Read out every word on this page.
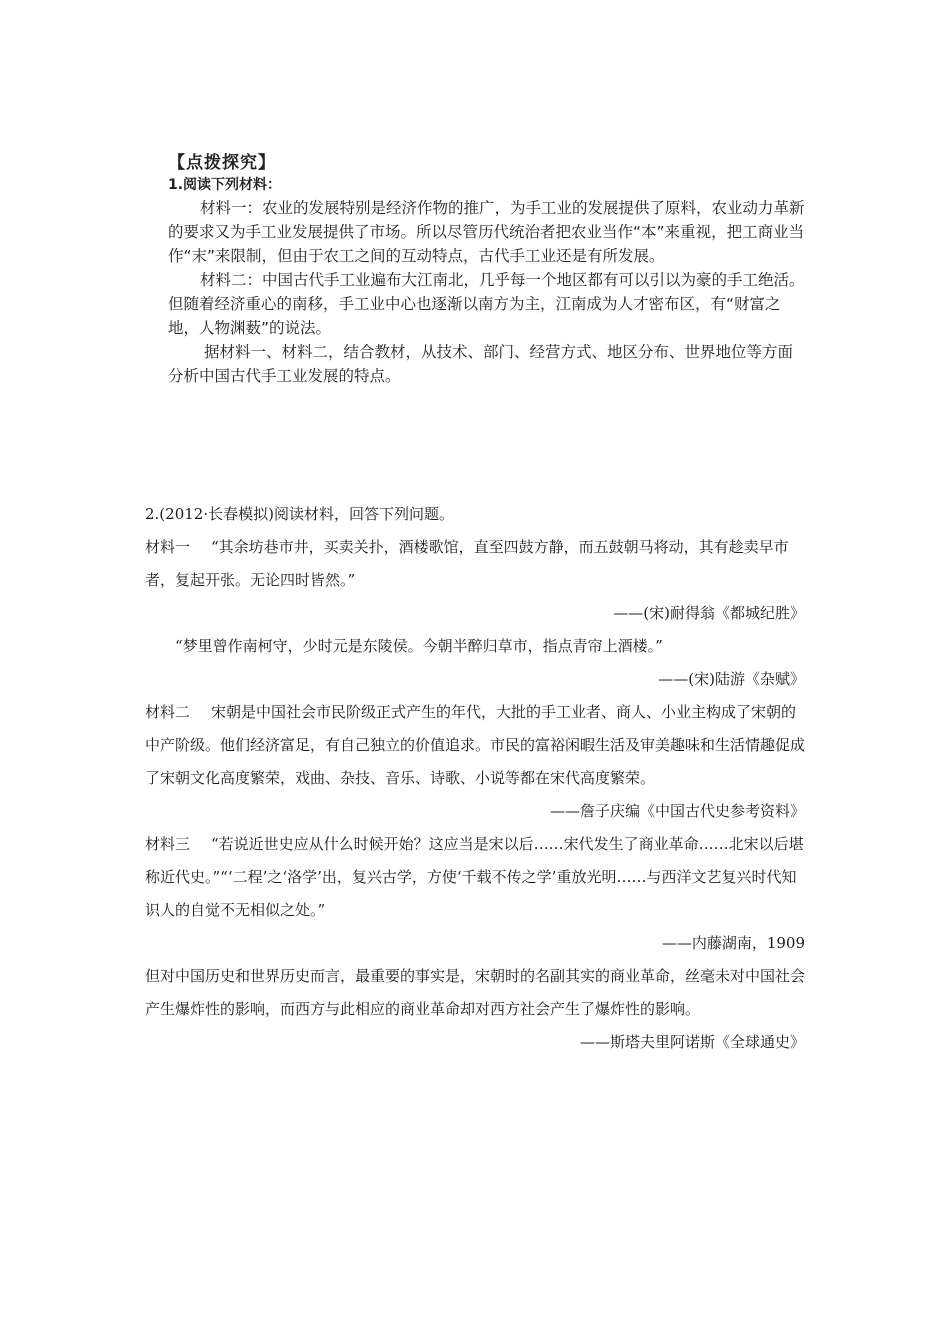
【点拨探究】
1.阅读下列材料：

材料一：农业的发展特别是经济作物的推广，为手工业的发展提供了原料，农业动力革新的要求又为手工业发展提供了市场。所以尽管历代统治者把农业当作“本”来重视，把工商业当作“末”来限制，但由于农工之间的互动特点，古代手工业还是有所发展。

材料二：中国古代手工业遍布大江南北，几乎每一个地区都有可以引以为豪的手工绝活。但随着经济重心的南移，手工业中心也逐渐以南方为主，江南成为人才密布区，有“财富之地，人物渊薮”的说法。

据材料一、材料二，结合教材，从技术、部门、经营方式、地区分布、世界地位等方面分析中国古代手工业发展的特点。

2.(2012·长春模拟)阅读材料，回答下列问题。

材料一 “其余坊巷市井，买卖关扑，酒楼歌馆，直至四鼓方静，而五鼓朝马将动，其有趁卖早市者，复起开张。无论四时皆然。”

——(宋)耐得翁《都城纪胜》

“梦里曾作南柯守，少时元是东陵侯。今朝半醉归草市，指点青帘上酒楼。”

——(宋)陆游《杂赋》

材料二 宋朝是中国社会市民阶级正式产生的年代，大批的手工业者、商人、小业主构成了宋朝的中产阶级。他们经济富足，有自己独立的价值追求。市民的富裕闲暇生活及审美趣味和生活情趣促成了宋朝文化高度繁荣，戏曲、杂技、音乐、诗歌、小说等都在宋代高度繁荣。

——詹子庆编《中国古代史参考资料》

材料三 “若说近世史应从什么时候开始？这应当是宋以后……宋代发生了商业革命……北宋以后堪称近代史。”“‘二程’之‘洛学’出，复兴古学，方使‘千载不传之学’重放光明……与西洋文艺复兴时代知识人的自觉不无相似之处。”

——内藤湖南，1909

但对中国历史和世界历史而言，最重要的事实是，宋朝时的名副其实的商业革命，丝毫未对中国社会产生爆炸性的影响，而西方与此相应的商业革命却对西方社会产生了爆炸性的影响。

——斯塔夫里阿诺斯《全球通史》
